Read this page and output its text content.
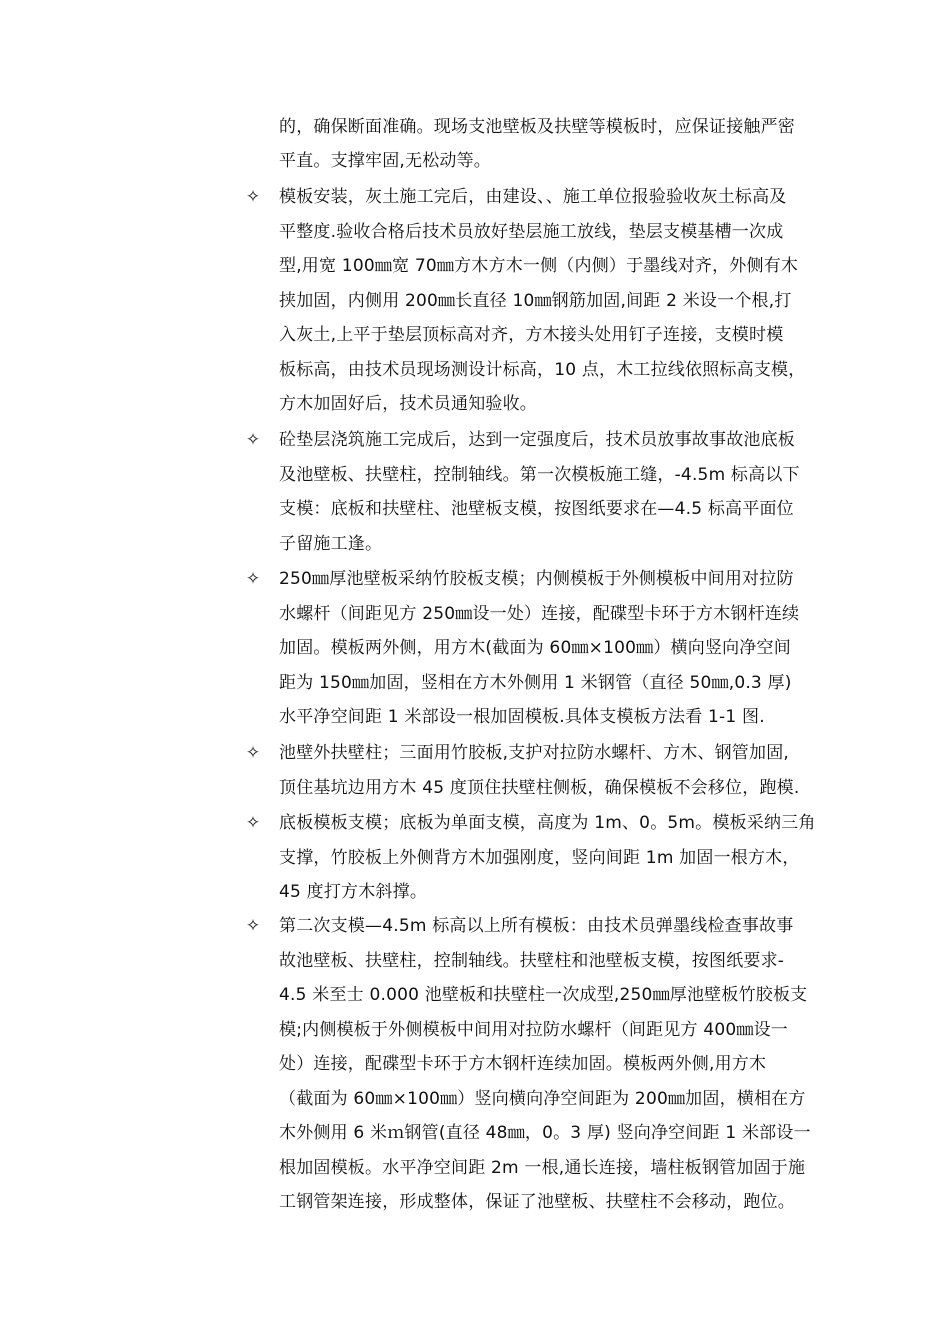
的，确保断面准确。现场支池壁板及扶壁等模板时，应保证接触严密
平直。支撑牢固,无松动等。
✧ 模板安装，灰土施工完后，由建设、、施工单位报验验收灰土标高及
平整度.验收合格后技术员放好垫层施工放线，垫层支模基槽一次成
型,用宽 100㎜宽 70㎜方木方木一侧（内侧）于墨线对齐，外侧有木
挟加固，内侧用 200㎜长直径 10㎜钢筋加固,间距 2 米设一个根,打
入灰土,上平于垫层顶标高对齐，方木接头处用钉子连接，支模时模
板标高，由技术员现场测设计标高，10 点，木工拉线依照标高支模，
方木加固好后，技术员通知验收。
✧ 砼垫层浇筑施工完成后，达到一定强度后，技术员放事故事故池底板
及池壁板、扶壁柱，控制轴线。第一次模板施工缝，-4.5m 标高以下
支模：底板和扶壁柱、池壁板支模，按图纸要求在—4.5 标高平面位
子留施工逢。
✧ 250㎜厚池壁板采纳竹胶板支模；内侧模板于外侧模板中间用对拉防
水螺杆（间距见方 250㎜设一处）连接，配碟型卡环于方木钢杆连续
加固。模板两外侧，用方木(截面为 60㎜×100㎜）横向竖向净空间
距为 150㎜加固，竖相在方木外侧用 1 米钢管（直径 50㎜,0.3 厚)
水平净空间距 1 米部设一根加固模板.具体支模板方法看 1-1 图.
✧ 池壁外扶壁柱；三面用竹胶板,支护对拉防水螺杆、方木、钢管加固,
顶住基坑边用方木 45 度顶住扶壁柱侧板，确保模板不会移位，跑模.
✧ 底板模板支模；底板为单面支模，高度为 1m、0。5m。模板采纳三角
支撑，竹胶板上外侧背方木加强刚度，竖向间距 1m 加固一根方木，
45 度打方木斜撑。
✧ 第二次支模—4.5m 标高以上所有模板：由技术员弹墨线检查事故事
故池壁板、扶壁柱，控制轴线。扶壁柱和池壁板支模，按图纸要求-
4.5 米至士 0.000 池壁板和扶壁柱一次成型,250㎜厚池壁板竹胶板支
模;内侧模板于外侧模板中间用对拉防水螺杆（间距见方 400㎜设一
处）连接，配碟型卡环于方木钢杆连续加固。模板两外侧,用方木
（截面为 60㎜×100㎜）竖向横向净空间距为 200㎜加固，横相在方
木外侧用 6 米ｍ钢管(直径 48㎜，0。3 厚) 竖向净空间距 1 米部设一
根加固模板。水平净空间距 2m 一根,通长连接，墙柱板钢管加固于施
工钢管架连接，形成整体，保证了池壁板、扶壁柱不会移动，跑位。
